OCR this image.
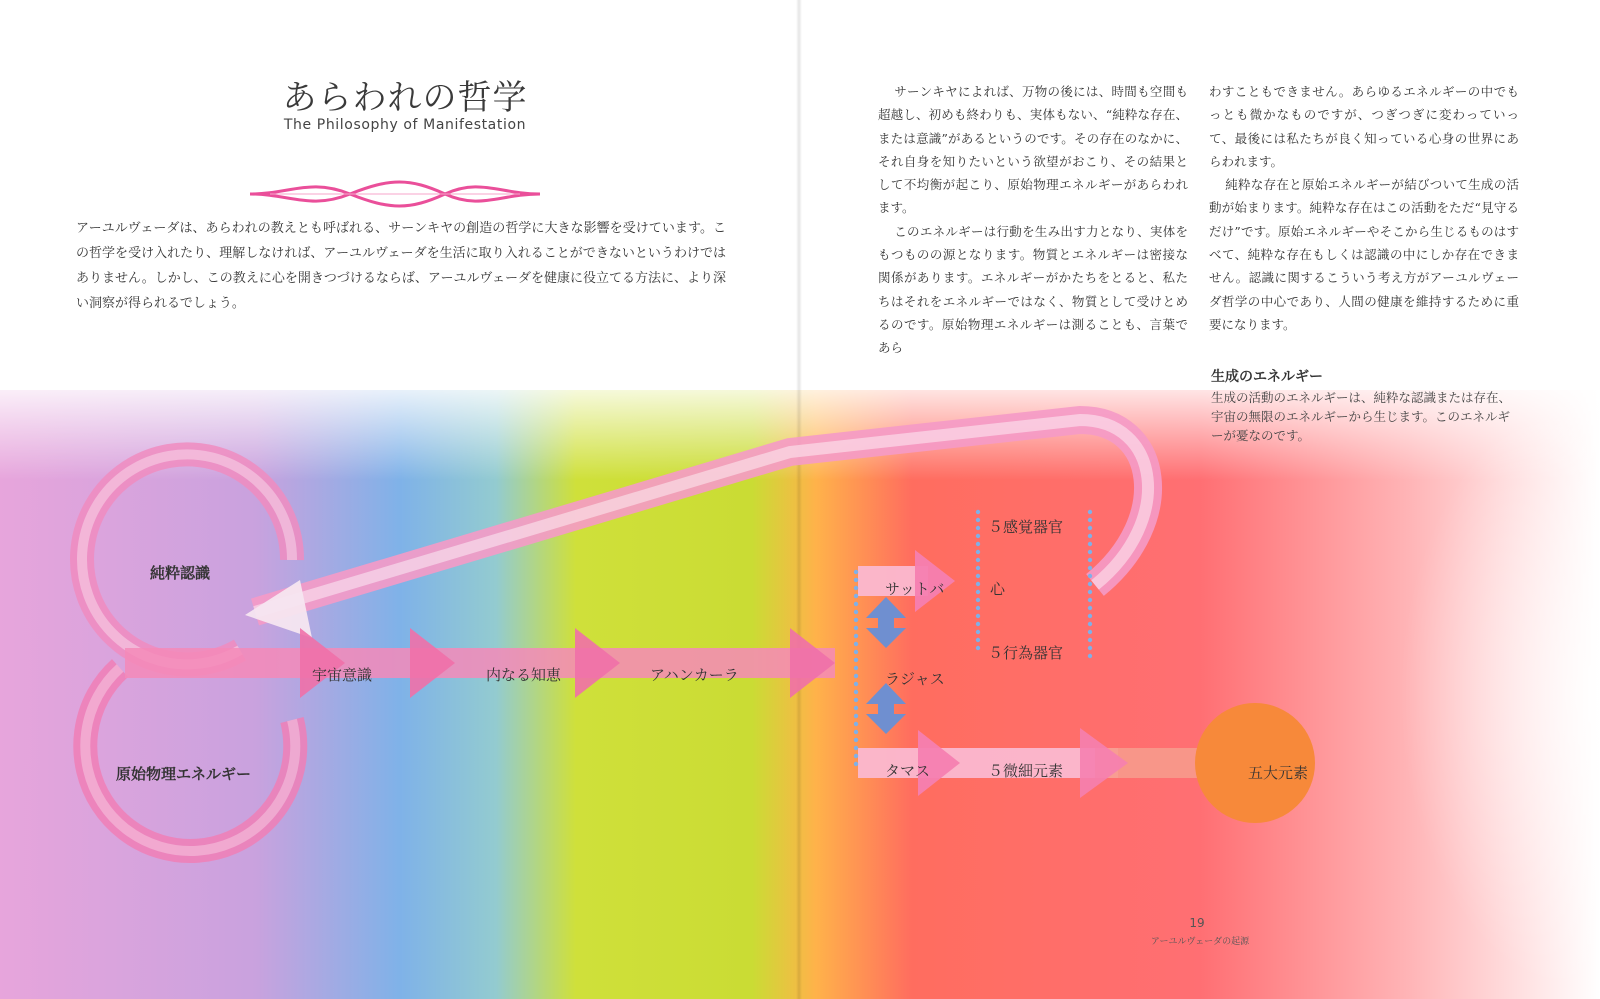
あらわれの哲学
The Philosophy of Manifestation

アーユルヴェーダは、あらわれの教えとも呼ばれる、サーンキヤの創造の哲学に大きな影響を受けています。この哲学を受け入れたり、理解しなければ、アーユルヴェーダを生活に取り入れることができないというわけではありません。しかし、この教えに心を開きつづけるならば、アーユルヴェーダを健康に役立てる方法に、より深い洞察が得られるでしょう。

サーンキヤによれば、万物の後には、時間も空間も超越し、初めも終わりも、実体もない、“純粋な存在、または意識”があるというのです。その存在のなかに、それ自身を知りたいという欲望がおこり、その結果として不均衡が起こり、原始物理エネルギーがあらわれます。

このエネルギーは行動を生み出す力となり、実体をもつものの源となります。物質とエネルギーは密接な関係があります。エネルギーがかたちをとると、私たちはそれをエネルギーではなく、物質として受けとめるのです。原始物理エネルギーは測ることも、言葉であら

わすこともできません。あらゆるエネルギーの中でもっとも微かなものですが、つぎつぎに変わっていって、最後には私たちが良く知っている心身の世界にあらわれます。

純粋な存在と原始エネルギーが結びついて生成の活動が始まります。純粋な存在はこの活動をただ“見守るだけ”です。原始エネルギーやそこから生じるものはすべて、純粋な存在もしくは認識の中にしか存在できません。認識に関するこういう考え方がアーユルヴェーダ哲学の中心であり、人間の健康を維持するために重要になります。

生成のエネルギー

生成の活動のエネルギーは、純粋な認識または存在、宇宙の無限のエネルギーから生じます。このエネルギーが憂なのです。

純粋認識
原始物理エネルギー
宇宙意識	内なる知恵	アハンカーラ
サットバ	心
５感覚器官
５行為器官
ラジャス
タマス	５微細元素	五大元素
19
アーユルヴェーダの起源
